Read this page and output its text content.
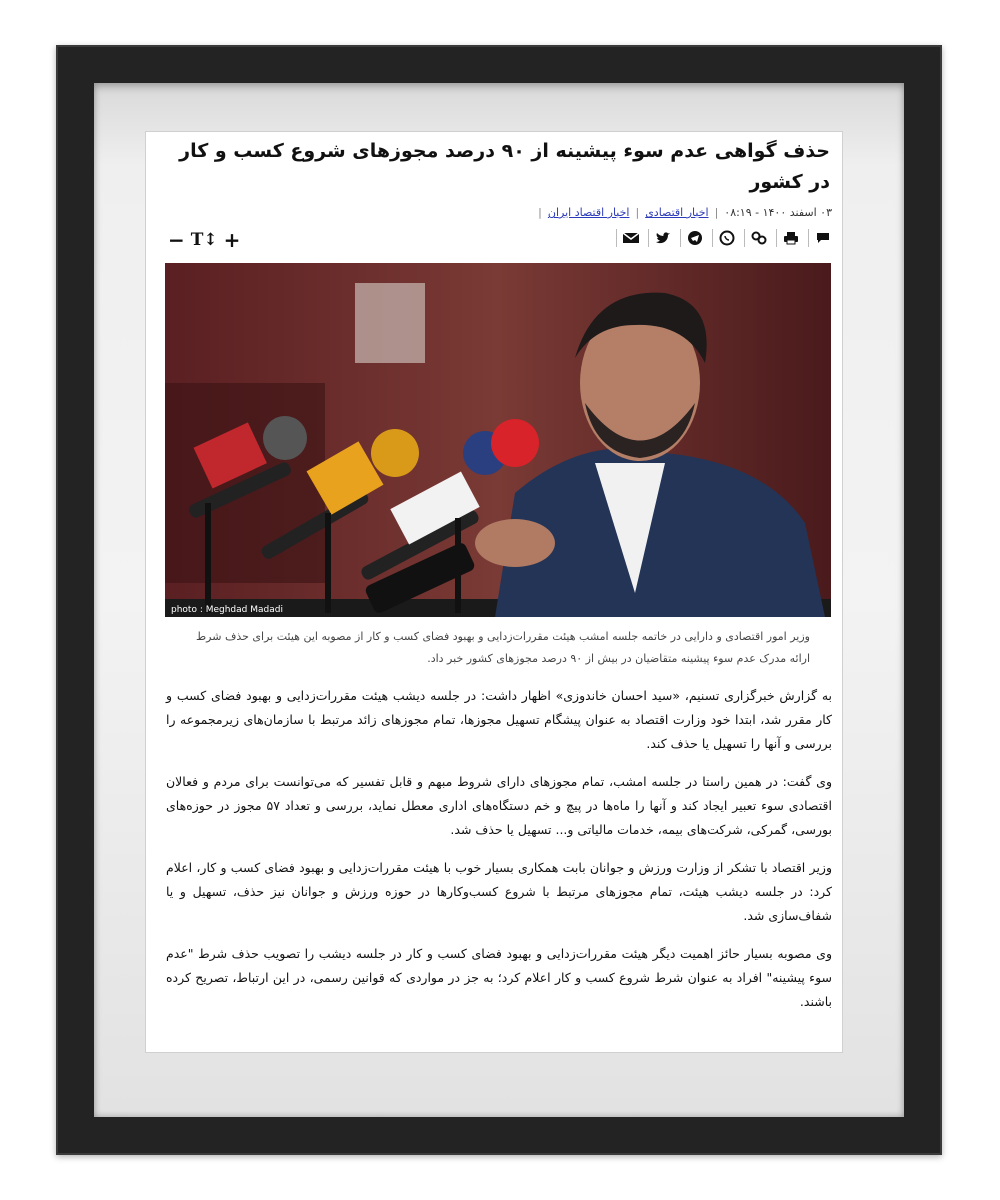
حذف گواهی عدم سوء پیشینه از ۹۰ درصد مجوزهای شروع کسب و کار در کشور
۰۳ اسفند ۱۴۰۰ - ۰۸:۱۹
|
اخبار اقتصادی
|
اخبار اقتصاد ایران
|
− T↕ +
photo : Meghdad Madadi
وزیر امور اقتصادی و دارایی در خاتمه جلسه امشب هیئت مقررات‌زدایی و بهبود فضای کسب و کار از مصوبه این هیئت برای حذف شرط ارائه مدرک عدم سوء پیشینه متقاضیان در بیش از ۹۰ درصد مجوزهای کشور خبر داد.

به گزارش خبرگزاری تسنیم، «سید احسان خاندوزی» اظهار داشت: در جلسه دیشب هیئت مقررات‌زدایی و بهبود فضای کسب و کار مقرر شد، ابتدا خود وزارت اقتصاد به عنوان پیشگام تسهیل مجوزها، تمام مجوزهای زائد مرتبط با سازمان‌های زیرمجموعه را بررسی و آنها را تسهیل یا حذف کند.

وی گفت: در همین راستا در جلسه امشب، تمام مجوزهای دارای شروط مبهم و قابل تفسیر که می‌توانست برای مردم و فعالان اقتصادی سوء تعبیر ایجاد کند و آنها را ماه‌ها در پیچ و خم دستگاه‌های اداری معطل نماید، بررسی و تعداد ۵۷ مجوز در حوزه‌های بورسی، گمرکی، شرکت‌های بیمه، خدمات مالیاتی و... تسهیل یا حذف شد.

وزیر اقتصاد با تشکر از وزارت ورزش و جوانان بابت همکاری بسیار خوب با هیئت مقررات‌زدایی و بهبود فضای کسب و کار، اعلام کرد: در جلسه دیشب هیئت، تمام مجوزهای مرتبط با شروع کسب‌وکارها در حوزه ورزش و جوانان نیز حذف، تسهیل و یا شفاف‌سازی شد.

وی مصوبه بسیار حائز اهمیت دیگر هیئت مقررات‌زدایی و بهبود فضای کسب و کار در جلسه دیشب را تصویب حذف شرط "عدم سوء پیشینه" افراد به عنوان شرط شروع کسب و کار اعلام کرد؛ به جز در مواردی که قوانین رسمی، در این ارتباط، تصریح کرده باشند.
